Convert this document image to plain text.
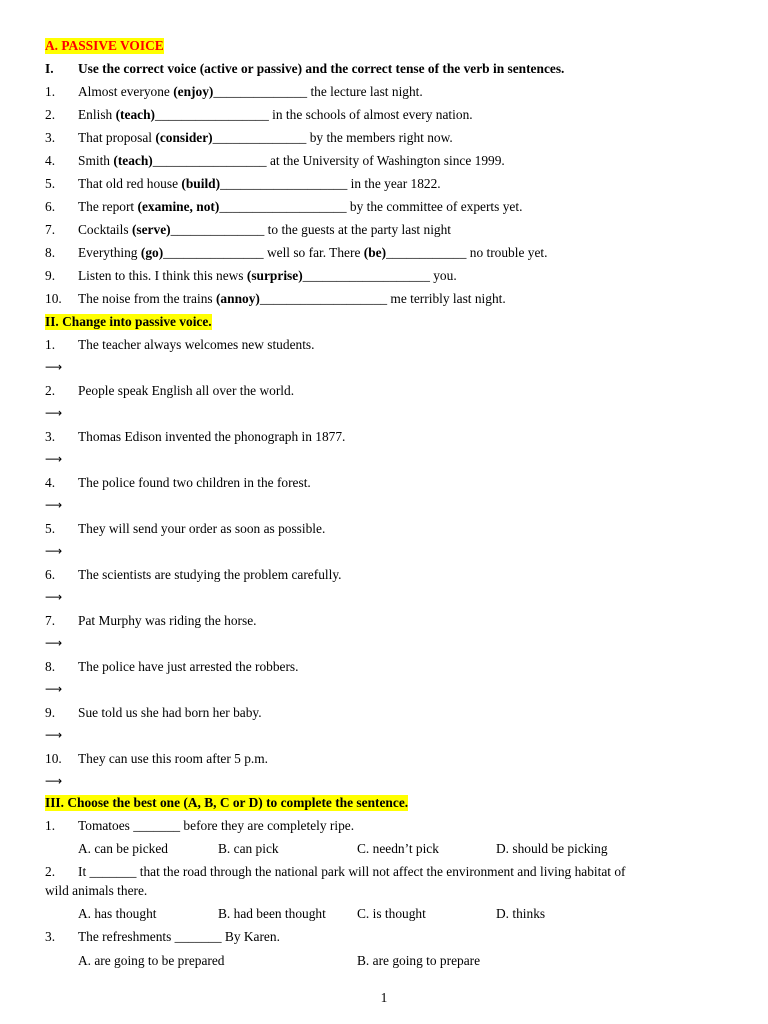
A. PASSIVE VOICE
I. Use the correct voice (active or passive) and the correct tense of the verb in sentences.
1. Almost everyone (enjoy)______________ the lecture last night.
2. Enlish (teach)_________________ in the schools of almost every nation.
3. That proposal (consider)______________ by the members right now.
4. Smith (teach)_________________ at the University of Washington since 1999.
5. That old red house (build)___________________ in the year 1822.
6. The report (examine, not)___________________ by the committee of experts yet.
7. Cocktails (serve)______________ to the guests at the party last night
8. Everything (go)_______________ well so far. There (be)____________ no trouble yet.
9. Listen to this. I think this news (surprise)___________________ you.
10. The noise from the trains (annoy)___________________ me terribly last night.
II. Change into passive voice.
1. The teacher always welcomes new students.
⟶
2. People speak English all over the world.
⟶
3. Thomas Edison invented the phonograph in 1877.
⟶
4. The police found two children in the forest.
⟶
5. They will send your order as soon as possible.
⟶
6. The scientists are studying the problem carefully.
⟶
7. Pat Murphy was riding the horse.
⟶
8. The police have just arrested the robbers.
⟶
9. Sue told us she had born her baby.
⟶
10. They can use this room after 5 p.m.
⟶
III. Choose the best one (A, B, C or D) to complete the sentence.
1. Tomatoes _______ before they are completely ripe.
A. can be picked	B. can pick	C. needn’t pick	D. should be picking
2. It _______ that the road through the national park will not affect the environment and living habitat of
wild animals there.
A. has thought	B. had been thought C. is thought	D. thinks
3. The refreshments _______ By Karen.
A. are going to be prepared	B. are going to prepare
1
